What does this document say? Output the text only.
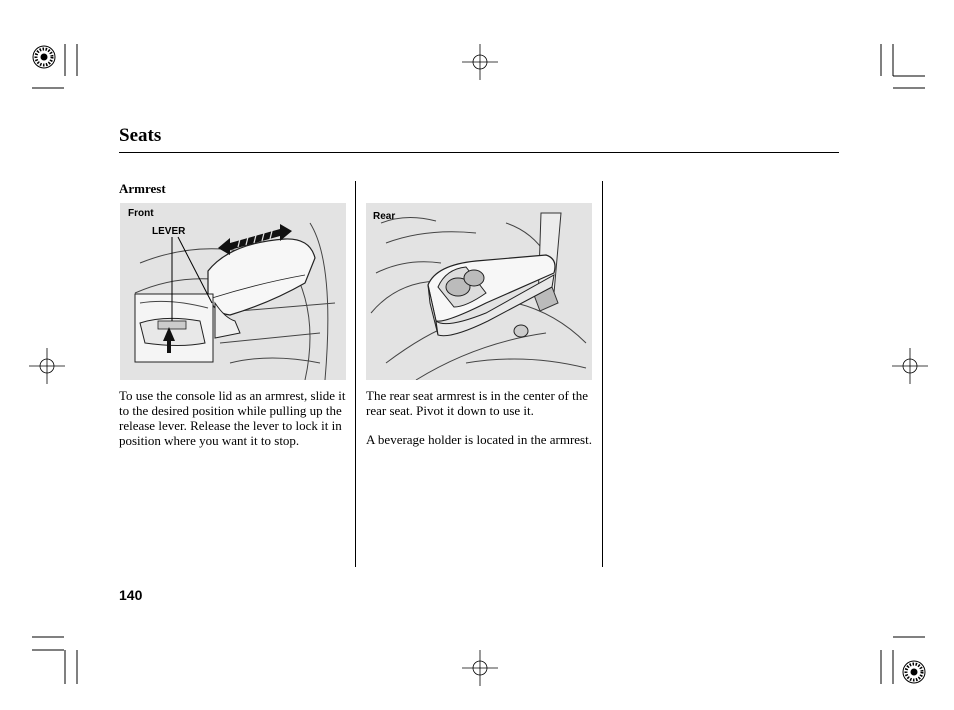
Seats
Armrest
Front
LEVER
Rear

To use the console lid as an armrest, slide it to the desired position while pulling up the release lever. Release the lever to lock it in position where you want it to stop.

The rear seat armrest is in the center of the rear seat. Pivot it down to use it.

A beverage holder is located in the armrest.

140
